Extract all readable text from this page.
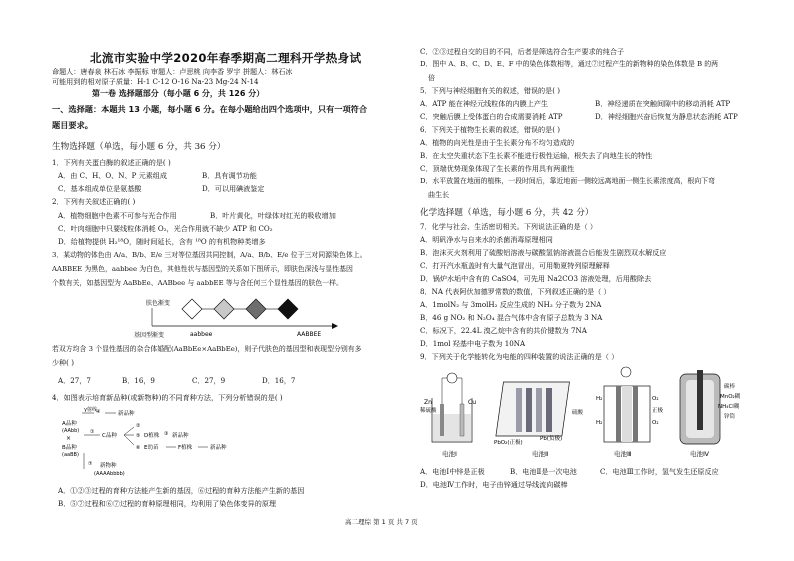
北流市实验中学2020年春季期高二理科开学热身试
命题人：唐春泉 林石冰 李振标 审题人：卢思桃 向李香 罗宇 拼题人：林石冰
可能用到的相对原子质量：H-1 C-12 O-16 Na-23 Mg-24 N-14
第一卷 选择题部分（每小题 6 分，共 126 分）
一、选择题：本题共 13 小题，每小题 6 分。在每小题给出四个选项中，只有一项符合
题目要求。
生物选择题（单选，每小题 6 分，共 36 分）
1．下列有关蛋白酶的叙述正确的是( )
A．由 C、H、O、N、P 元素组成	B．具有调节功能
C．基本组成单位是氨基酸	D．可以用碘液鉴定
2．下列有关叙述正确的( )
A．植物细胞中色素不可参与光合作用	B．叶片黄化，叶绿体对红光的吸收增加
C．叶肉细胞中只要线粒体消耗 O₂，光合作用就不缺少 ATP 和 CO₂
D．给植物提供 H₂¹⁸O，随时间延长，含有 ¹⁸O 的有机物种类增多
3．某动物的体色由 A/a、B/b、E/e 三对等位基因共同控制，A/a、B/b、E/e 位于三对同源染色体上。
AABBEE 为黑色，aabbee 为白色，其他性状与基因型的关系如下图所示，即肤色深浅与显性基因
个数有关，如基因型为 AaBbEe、AABbee 与 aabbEE 等与含任何三个显性基因的肤色一样。
肤色渐变
基因型渐变	aabbee	AABBEE
若双方均含 3 个显性基因的杂合体婚配(AaBbEe×AaBbEe)，则子代肤色的基因型和表现型分别有多
少种( )
A．27，7	B．16，9	C．27，9	D．16，7
4．如图表示培育新品种(或新物种)的不同育种方法，下列分析错误的是( )
A品种
(AAbb)
×
B品种
(aaBB)
γ射线 ④	新品种
①
C品种
②
⑤ D植株 ③ 新品种
⑥ E幼苗	F植株	新品种
⑦ 新物种
(AAAAbbbb)
A．①②③过程的育种方法能产生新的基因，⑥过程的育种方法能产生新的基因
B．⑤⑦过程和⑥⑦过程的育种原理相同，均利用了染色体变异的原理
C．②③过程自交的目的不同，后者是筛选符合生产要求的纯合子
D．图中 A、B、C、D、E、F 中的染色体数相等，通过⑦过程产生的新物种的染色体数是 B 的两
倍
5．下列与神经细胞有关的叙述，错误的是( )
A．ATP 能在神经元线粒体的内膜上产生	B．神经递质在突触间隙中的移动消耗 ATP
C．突触后膜上受体蛋白的合成需要消耗 ATP	D．神经细胞兴奋后恢复为静息状态消耗 ATP
6．下列关于植物生长素的叙述，错误的是( )
A．植物的向光性是由于生长素分布不均匀造成的
B．在太空失重状态下生长素不能进行极性运输，根失去了向地生长的特性
C．顶端优势现象体现了生长素的作用具有两重性
D．水平放置在地面的植株，一段时间后，靠近地面一侧较远离地面一侧生长素浓度高，根向下弯
曲生长
化学选择题（单选，每小题 6 分，共 42 分）
7．化学与社会、生活密切相关。下列说法正确的是（ ）
A．明矾净水与自来水的杀菌消毒原理相同
B．泡沫灭火剂利用了硫酸铝溶液与碳酸氢钠溶液混合后能发生剧烈双水解反应
C．打开汽水瓶盖时有大量气泡冒出，可用勒夏特列原理解释
D．锅炉水垢中含有的 CaSO4，可先用 Na2CO3 溶液处理，后用酸除去
8．NA 代表阿伏加德罗常数的数值，下列叙述正确的是（ ）
A．1molN₂ 与 3molH₂ 反应生成的 NH₃ 分子数为 2NA
B．46 g NO₂ 和 N₂O₄ 混合气体中含有原子总数为 3 NA
C．标况下，22.4L 溴乙烷中含有的共价键数为 7NA
D．1mol 羟基中电子数为 10NA
9．下列关于化学能转化为电能的四种装置的说法正确的是（ ）
Zn	Cu
稀硫酸
电池Ⅰ
硫酸
PbO₂(正极)
Pb(负极)
电池Ⅱ
H₂	O₂
H₂	O₂
正极
电池Ⅲ
碳棒
MnO₂糊
NH₄Cl糊
锌筒
电池Ⅳ
A．电池Ⅰ中锌是正极	B．电池Ⅱ是一次电池	C．电池Ⅲ工作时，氢气发生还原反应
D．电池Ⅳ工作时，电子由锌通过导线流向碳棒
高二理综 第 1 页 共 7 页
